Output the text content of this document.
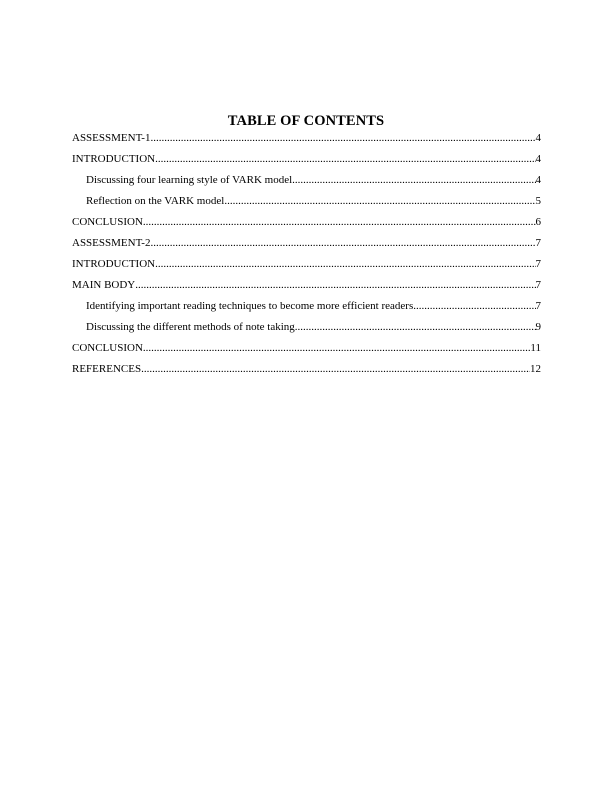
TABLE OF CONTENTS
ASSESSMENT-1 .....	4
INTRODUCTION .....	4
Discussing four learning style of VARK model .....	4
Reflection on the VARK model .....	5
CONCLUSION .....	6
ASSESSMENT-2 .....	7
INTRODUCTION .....	7
MAIN BODY .....	7
Identifying important reading techniques to become more efficient readers .....	7
Discussing the different methods of note taking .....	9
CONCLUSION .....	11
REFERENCES .....	12
